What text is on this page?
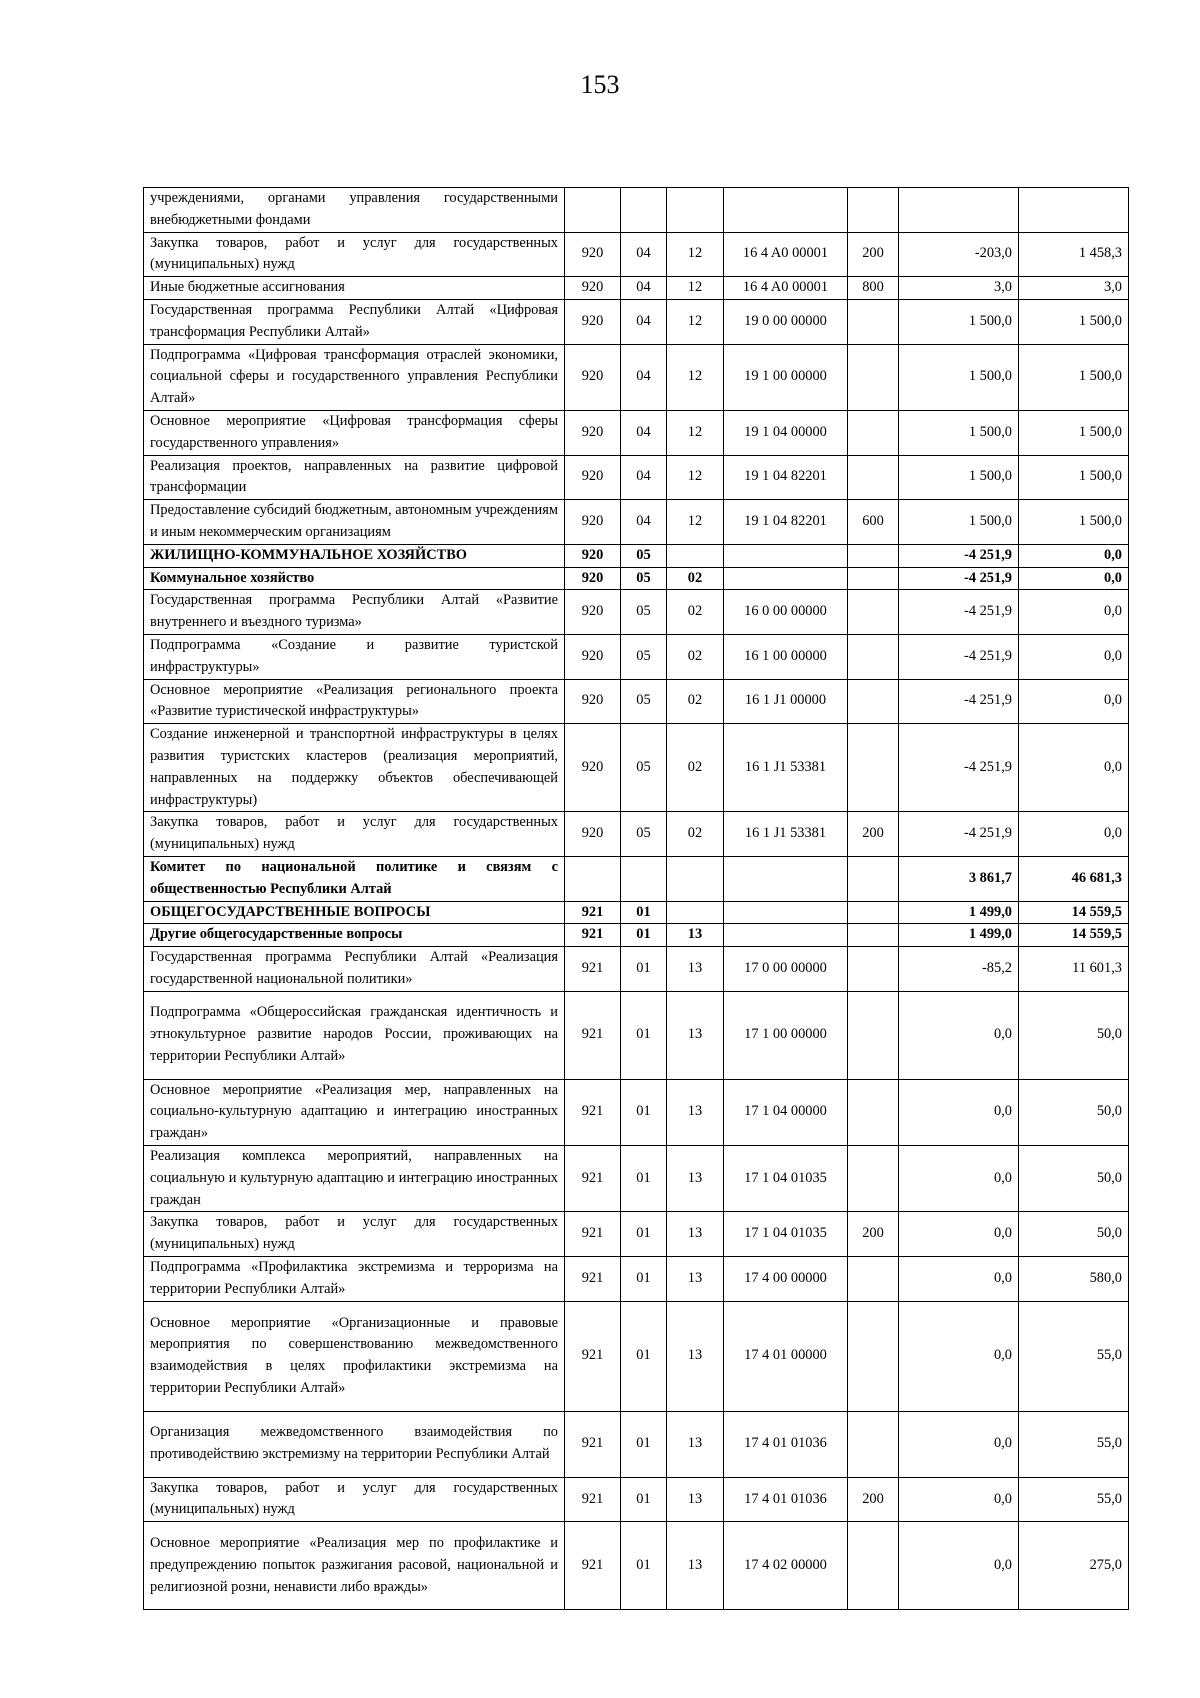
153
учреждениями, органами управления государственными внебюджетными фондами							
Закупка товаров, работ и услуг для государственных (муниципальных) нужд	920	04	12	16 4 A0 00001	200	-203,0	1 458,3
Иные бюджетные ассигнования	920	04	12	16 4 A0 00001	800	3,0	3,0
Государственная программа Республики Алтай «Цифровая трансформация Республики Алтай»	920	04	12	19 0 00 00000		1 500,0	1 500,0
Подпрограмма «Цифровая трансформация отраслей экономики, социальной сферы и государственного управления Республики Алтай»	920	04	12	19 1 00 00000		1 500,0	1 500,0
Основное мероприятие «Цифровая трансформация сферы государственного управления»	920	04	12	19 1 04 00000		1 500,0	1 500,0
Реализация проектов, направленных на развитие цифровой трансформации	920	04	12	19 1 04 82201		1 500,0	1 500,0
Предоставление субсидий бюджетным, автономным учреждениям и иным некоммерческим организациям	920	04	12	19 1 04 82201	600	1 500,0	1 500,0
ЖИЛИЩНО-КОММУНАЛЬНОЕ ХОЗЯЙСТВО	920	05				-4 251,9	0,0
Коммунальное хозяйство	920	05	02			-4 251,9	0,0
Государственная программа Республики Алтай «Развитие внутреннего и въездного туризма»	920	05	02	16 0 00 00000		-4 251,9	0,0
Подпрограмма «Создание и развитие туристской инфраструктуры»	920	05	02	16 1 00 00000		-4 251,9	0,0
Основное мероприятие «Реализация регионального проекта «Развитие туристической инфраструктуры»	920	05	02	16 1 J1 00000		-4 251,9	0,0
Создание инженерной и транспортной инфраструктуры в целях развития туристских кластеров (реализация мероприятий, направленных на поддержку объектов обеспечивающей инфраструктуры)	920	05	02	16 1 J1 53381		-4 251,9	0,0
Закупка товаров, работ и услуг для государственных (муниципальных) нужд	920	05	02	16 1 J1 53381	200	-4 251,9	0,0
Комитет по национальной политике и связям с общественностью Республики Алтай						3 861,7	46 681,3
ОБЩЕГОСУДАРСТВЕННЫЕ ВОПРОСЫ	921	01				1 499,0	14 559,5
Другие общегосударственные вопросы	921	01	13			1 499,0	14 559,5
Государственная программа Республики Алтай «Реализация государственной национальной политики»	921	01	13	17 0 00 00000		-85,2	11 601,3
Подпрограмма «Общероссийская гражданская идентичность и этнокультурное развитие народов России, проживающих на территории Республики Алтай»	921	01	13	17 1 00 00000		0,0	50,0
Основное мероприятие «Реализация мер, направленных на социально-культурную адаптацию и интеграцию иностранных граждан»	921	01	13	17 1 04 00000		0,0	50,0
Реализация комплекса мероприятий, направленных на социальную и культурную адаптацию и интеграцию иностранных граждан	921	01	13	17 1 04 01035		0,0	50,0
Закупка товаров, работ и услуг для государственных (муниципальных) нужд	921	01	13	17 1 04 01035	200	0,0	50,0
Подпрограмма «Профилактика экстремизма и терроризма на территории Республики Алтай»	921	01	13	17 4 00 00000		0,0	580,0
Основное мероприятие «Организационные и правовые мероприятия по совершенствованию межведомственного взаимодействия в целях профилактики экстремизма на территории Республики Алтай»	921	01	13	17 4 01 00000		0,0	55,0
Организация межведомственного взаимодействия по противодействию экстремизму на территории Республики Алтай	921	01	13	17 4 01 01036		0,0	55,0
Закупка товаров, работ и услуг для государственных (муниципальных) нужд	921	01	13	17 4 01 01036	200	0,0	55,0
Основное мероприятие «Реализация мер по профилактике и предупреждению попыток разжигания расовой, национальной и религиозной розни, ненависти либо вражды»	921	01	13	17 4 02 00000		0,0	275,0
